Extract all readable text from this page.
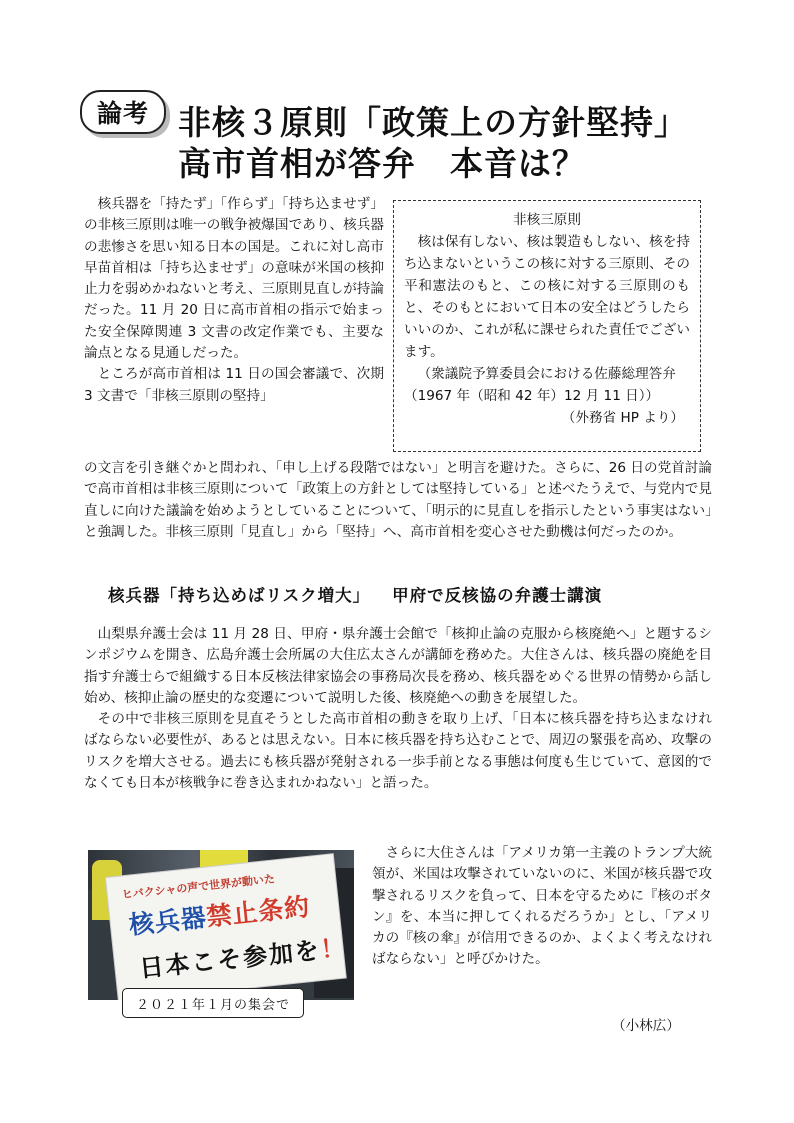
論考 非核３原則「政策上の方針堅持」
高市首相が答弁 本音は？

核兵器を「持たず」「作らず」「持ち込ませず」の非核三原則は唯一の戦争被爆国であり、核兵器の悲惨さを思い知る日本の国是。これに対し高市早苗首相は「持ち込ませず」の意味が米国の核抑止力を弱めかねないと考え、三原則見直しが持論だった。11 月 20 日に高市首相の指示で始まった安全保障関連 3 文書の改定作業でも、主要な論点となる見通しだった。

ところが高市首相は 11 日の国会審議で、次期 3 文書で「非核三原則の堅持」

非核三原則
核は保有しない、核は製造もしない、核を持ち込まないというこの核に対する三原則、その平和憲法のもと、この核に対する三原則のもと、そのもとにおいて日本の安全はどうしたらいいのか、これが私に課せられた責任でございます。
（衆議院予算委員会における佐藤総理答弁（1967 年（昭和 42 年）12 月 11 日））
（外務省 HP より）

の文言を引き継ぐかと問われ、「申し上げる段階ではない」と明言を避けた。さらに、26 日の党首討論で高市首相は非核三原則について「政策上の方針としては堅持している」と述べたうえで、与党内で見直しに向けた議論を始めようとしていることについて、「明示的に見直しを指示したという事実はない」と強調した。非核三原則「見直し」から「堅持」へ、高市首相を変心させた動機は何だったのか。

核兵器「持ち込めばリスク増大」 甲府で反核協の弁護士講演

山梨県弁護士会は 11 月 28 日、甲府・県弁護士会館で「核抑止論の克服から核廃絶へ」と題するシンポジウムを開き、広島弁護士会所属の大住広太さんが講師を務めた。大住さんは、核兵器の廃絶を目指す弁護士らで組織する日本反核法律家協会の事務局次長を務め、核兵器をめぐる世界の情勢から話し始め、核抑止論の歴史的な変遷について説明した後、核廃絶への動きを展望した。

その中で非核三原則を見直そうとした高市首相の動きを取り上げ、「日本に核兵器を持ち込まなければならない必要性が、あるとは思えない。日本に核兵器を持ち込むことで、周辺の緊張を高め、攻撃のリスクを増大させる。過去にも核兵器が発射される一歩手前となる事態は何度も生じていて、意図的でなくても日本が核戦争に巻き込まれかねない」と語った。

ヒバクシャの声で世界が動いた
核兵器禁止条約
日本こそ参加を！
２０２１年１月の集会で

さらに大住さんは「アメリカ第一主義のトランプ大統領が、米国は攻撃されていないのに、米国が核兵器で攻撃されるリスクを負って、日本を守るために『核のボタン』を、本当に押してくれるだろうか」とし、「アメリカの『核の傘』が信用できるのか、よくよく考えなければならない」と呼びかけた。

（小林広）
